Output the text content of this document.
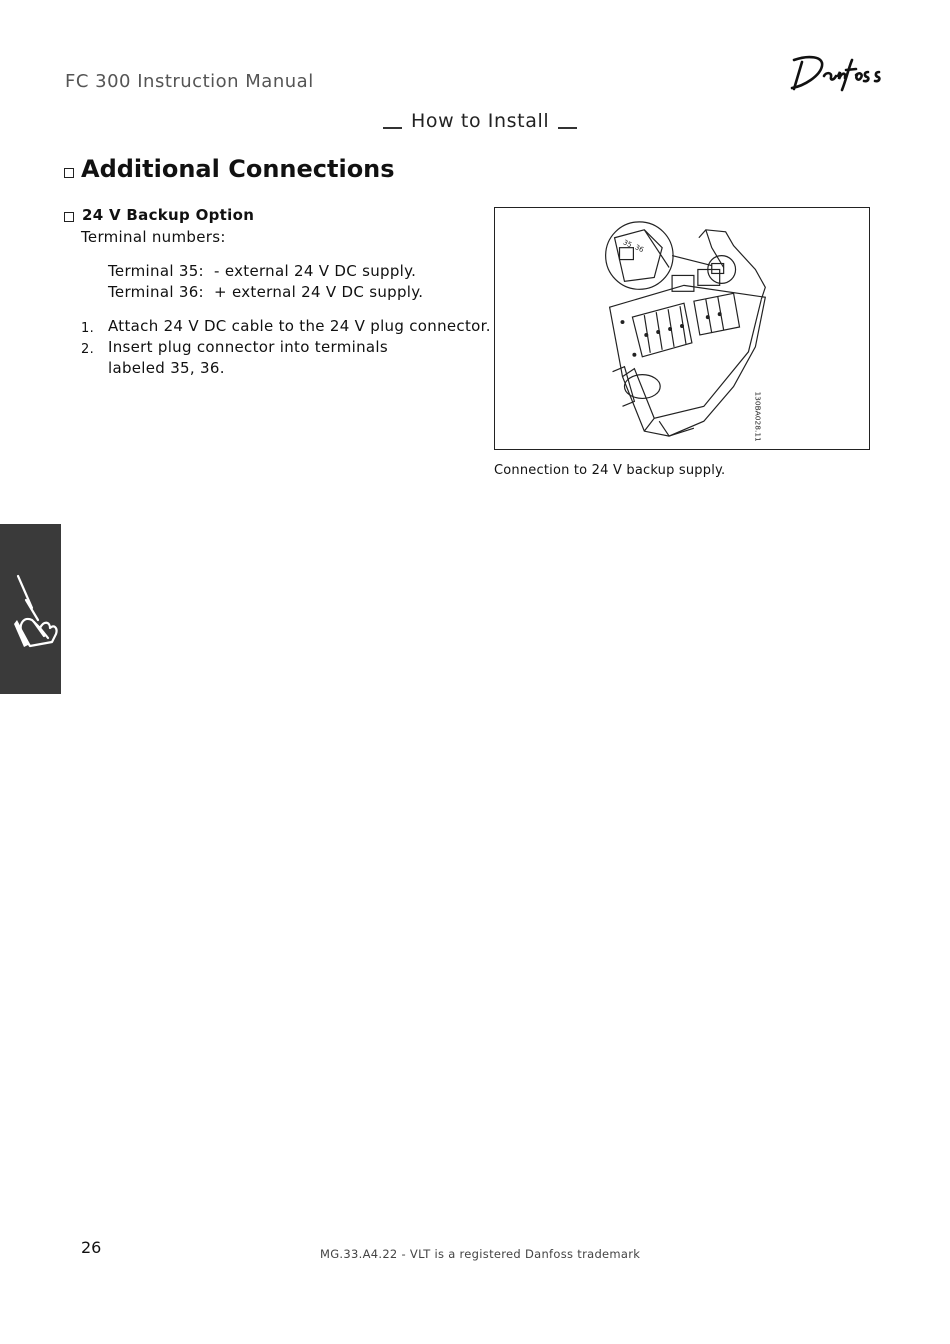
FC 300 Instruction Manual
How to Install
Additional Connections
24 V Backup Option
Terminal numbers:
Terminal 35:  - external 24 V DC supply.
Terminal 36:  + external 24 V DC supply.
1. Attach 24 V DC cable to the 24 V plug connector.
2. Insert plug connector into terminals
labeled 35, 36.
35 36
130BA028.11
Connection to 24 V backup supply.
26	MG.33.A4.22 - VLT is a registered Danfoss trademark
